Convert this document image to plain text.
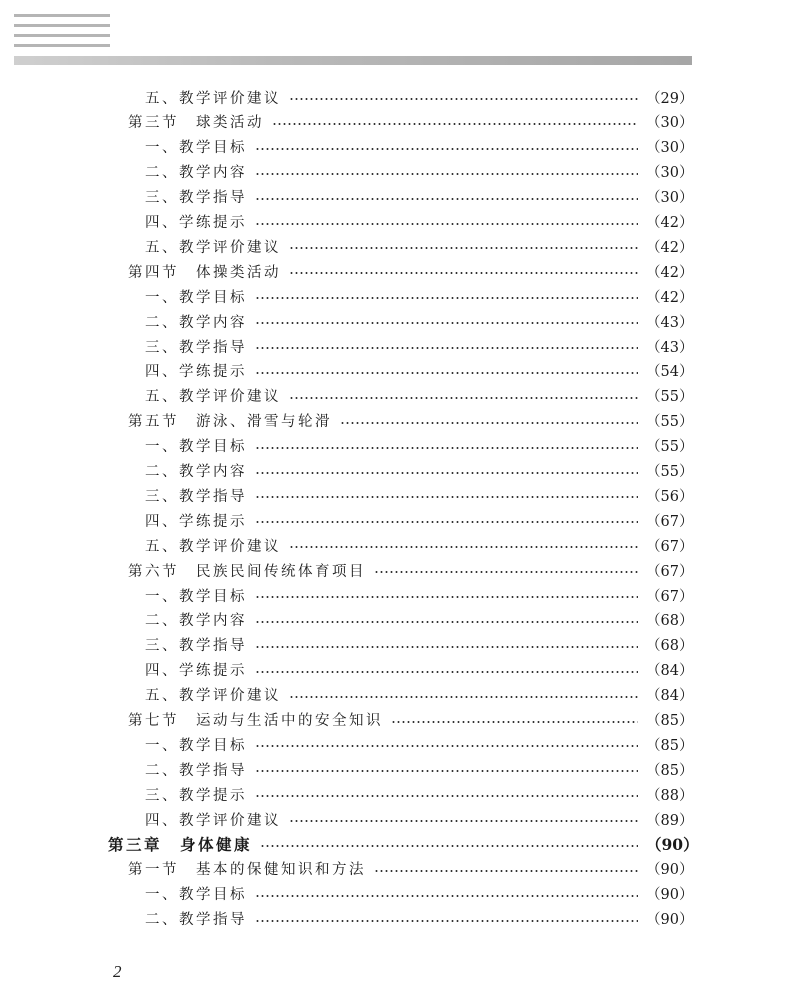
五、教学评价建议	（29）
第三节　球类活动	（30）
一、教学目标	（30）
二、教学内容	（30）
三、教学指导	（30）
四、学练提示	（42）
五、教学评价建议	（42）
第四节　体操类活动	（42）
一、教学目标	（42）
二、教学内容	（43）
三、教学指导	（43）
四、学练提示	（54）
五、教学评价建议	（55）
第五节　游泳、滑雪与轮滑	（55）
一、教学目标	（55）
二、教学内容	（55）
三、教学指导	（56）
四、学练提示	（67）
五、教学评价建议	（67）
第六节　民族民间传统体育项目	（67）
一、教学目标	（67）
二、教学内容	（68）
三、教学指导	（68）
四、学练提示	（84）
五、教学评价建议	（84）
第七节　运动与生活中的安全知识	（85）
一、教学目标	（85）
二、教学指导	（85）
三、教学提示	（88）
四、教学评价建议	（89）
第三章　身体健康	（90）
第一节　基本的保健知识和方法	（90）
一、教学目标	（90）
二、教学指导	（90）
2
